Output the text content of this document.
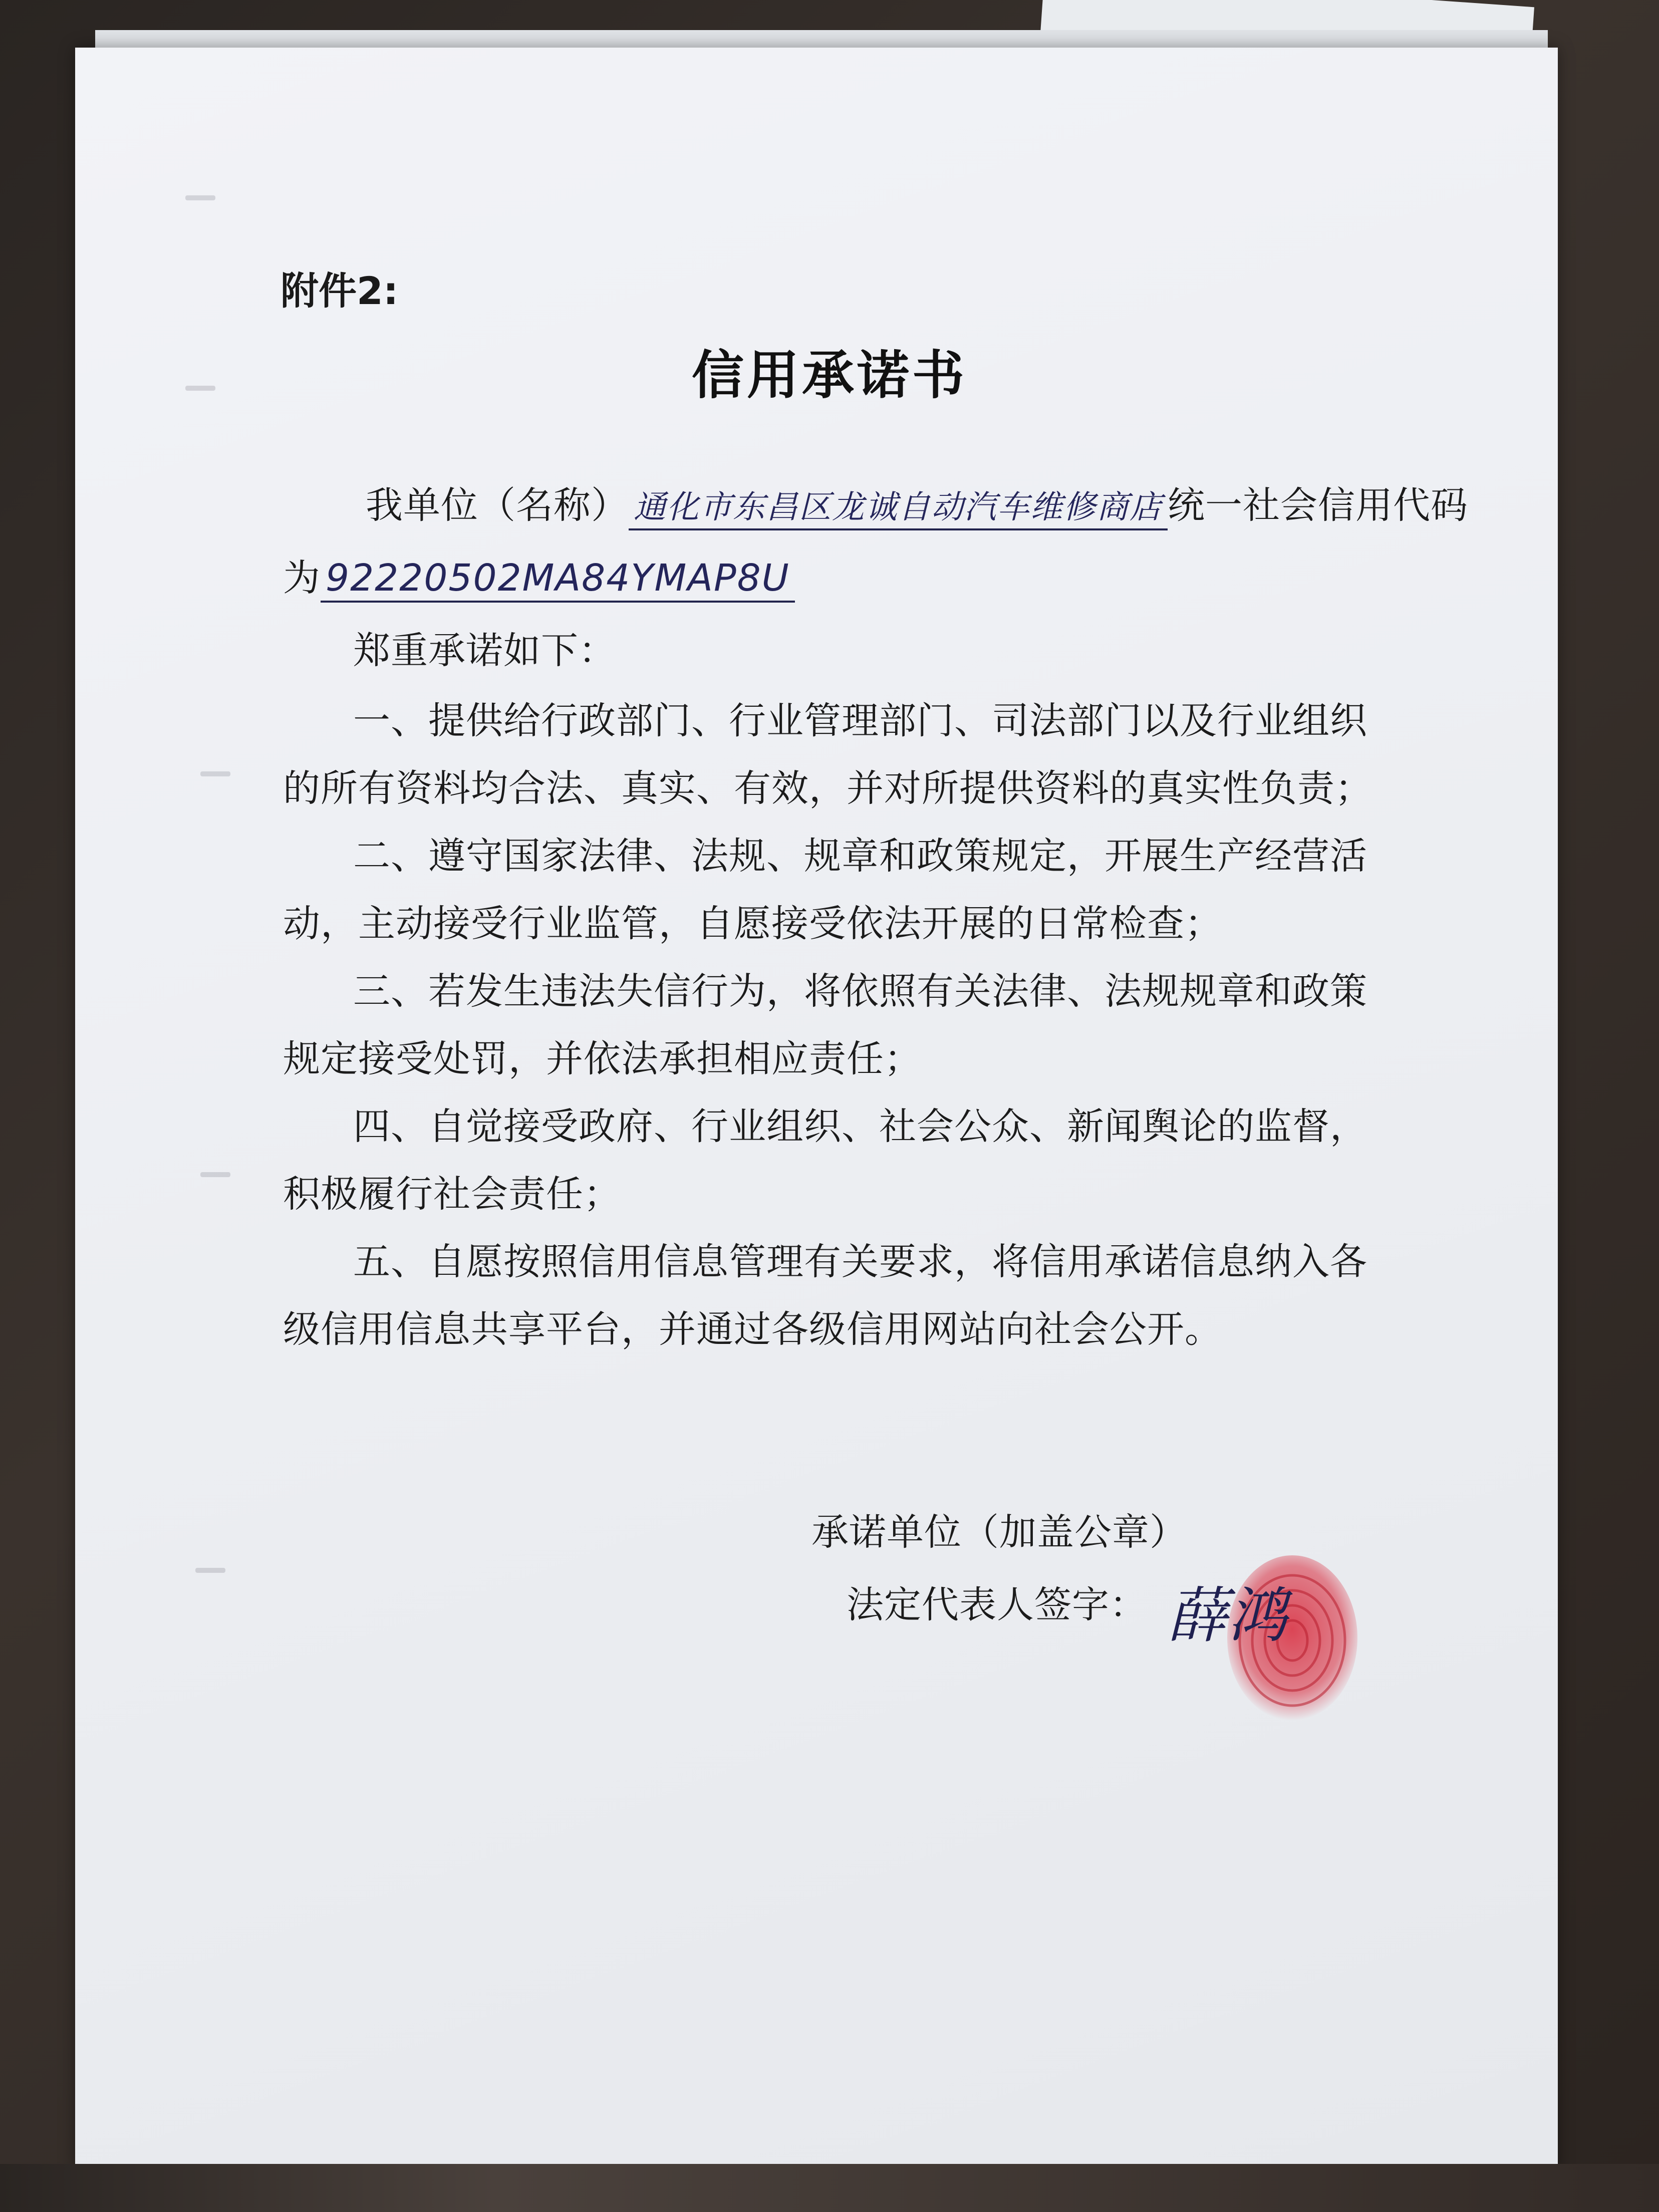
附件2:
信用承诺书
我单位（名称） 通化市东昌区龙诚自动汽车维修商店 统一社会信用代码
为 92220502MA84YMAP8U
郑重承诺如下：
一、提供给行政部门、行业管理部门、司法部门以及行业组织
的所有资料均合法、真实、有效，并对所提供资料的真实性负责；
二、遵守国家法律、法规、规章和政策规定，开展生产经营活
动，主动接受行业监管，自愿接受依法开展的日常检查；
三、若发生违法失信行为，将依照有关法律、法规规章和政策
规定接受处罚，并依法承担相应责任；
四、自觉接受政府、行业组织、社会公众、新闻舆论的监督，
积极履行社会责任；
五、自愿按照信用信息管理有关要求，将信用承诺信息纳入各
级信用信息共享平台，并通过各级信用网站向社会公开。
承诺单位（加盖公章）
法定代表人签字： 薛鸿
